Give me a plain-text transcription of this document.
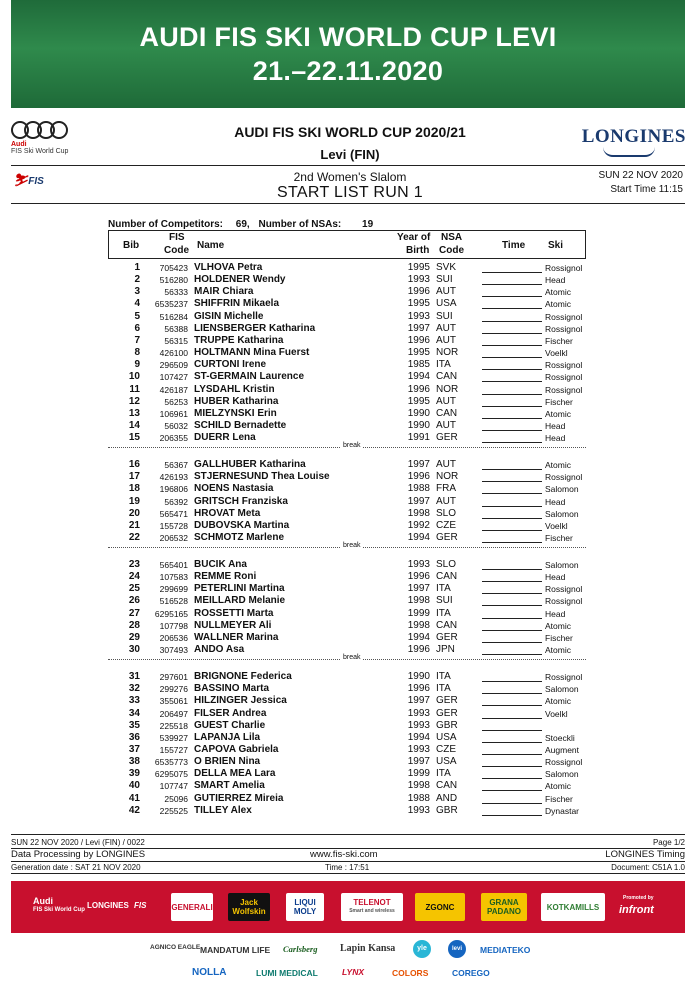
AUDI FIS SKI WORLD CUP LEVI
21.–22.11.2020
Audi
FIS Ski World Cup
AUDI FIS SKI WORLD CUP 2020/21
Levi (FIN)
LONGINES
⛷FIS	2nd Women's Slalom
START LIST RUN 1
SUN 22 NOV 2020
Start Time 11:15
Number of Competitors: 69, Number of NSAs: 19
Bib
FIS
Code Name
Year of
Birth
NSA
Code	Time Ski
1	705423 VLHOVA Petra	1995 SVK	Rossignol
2	516280 HOLDENER Wendy	1993 SUI	Head
3	56333 MAIR Chiara	1996 AUT	Atomic
4	6535237 SHIFFRIN Mikaela	1995 USA	Atomic
5	516284 GISIN Michelle	1993 SUI	Rossignol
6	56388 LIENSBERGER Katharina	1997 AUT	Rossignol
7	56315 TRUPPE Katharina	1996 AUT	Fischer
8	426100 HOLTMANN Mina Fuerst	1995 NOR	Voelkl
9	296509 CURTONI Irene	1985 ITA	Rossignol
10	107427 ST-GERMAIN Laurence	1994 CAN	Rossignol
11	426187 LYSDAHL Kristin	1996 NOR	Rossignol
12	56253 HUBER Katharina	1995 AUT	Fischer
13	106961 MIELZYNSKI Erin	1990 CAN	Atomic
14	56032 SCHILD Bernadette	1990 AUT	Head
15	206355 DUERR Lena	1991 GER	Head
break
16	56367 GALLHUBER Katharina	1997 AUT	Atomic
17	426193 STJERNESUND Thea Louise	1996 NOR	Rossignol
18	196806 NOENS Nastasia	1988 FRA	Salomon
19	56392 GRITSCH Franziska	1997 AUT	Head
20	565471 HROVAT Meta	1998 SLO	Salomon
21	155728 DUBOVSKA Martina	1992 CZE	Voelkl
22	206532 SCHMOTZ Marlene	1994 GER	Fischer
break
23	565401 BUCIK Ana	1993 SLO	Salomon
24	107583 REMME Roni	1996 CAN	Head
25	299699 PETERLINI Martina	1997 ITA	Rossignol
26	516528 MEILLARD Melanie	1998 SUI	Rossignol
27	6295165 ROSSETTI Marta	1999 ITA	Head
28	107798 NULLMEYER Ali	1998 CAN	Atomic
29	206536 WALLNER Marina	1994 GER	Fischer
30	307493 ANDO Asa	1996 JPN	Atomic
break
31	297601 BRIGNONE Federica	1990 ITA	Rossignol
32	299276 BASSINO Marta	1996 ITA	Salomon
33	355061 HILZINGER Jessica	1997 GER	Atomic
34	206497 FILSER Andrea	1993 GER	Voelkl
35	225518 GUEST Charlie	1993 GBR
36	539927 LAPANJA Lila	1994 USA	Stoeckli
37	155727 CAPOVA Gabriela	1993 CZE	Augment
38	6535773 O BRIEN Nina	1997 USA	Rossignol
39	6295075 DELLA MEA Lara	1999 ITA	Salomon
40	107747 SMART Amelia	1998 CAN	Atomic
41	25096 GUTIERREZ Mireia	1988 AND	Fischer
42	225525 TILLEY Alex	1993 GBR	Dynastar
SUN 22 NOV 2020 / Levi (FIN) / 0022	Page 1/2
Data Processing by LONGINES	www.fis-ski.com	LONGINES Timing
Generation date : SAT 21 NOV 2020	Time : 17:51	Document: C51A 1.0
Audi
FIS Ski World Cup LONGINES FIS	GENERALI	Jack Wolfskin
LIQUI MOLY
TELENOT
Smart and wireless	ZGONC	GRANA PADANO	KOTKAMILLS
Promoted by
infront
AGNICO EAGLE MANDATUM LIFE Carlsberg Lapin Kansa	yle	levi	MEDIATEKO
NOLLA	LUMI MEDICAL	LYNX	COLORS	COREGO
